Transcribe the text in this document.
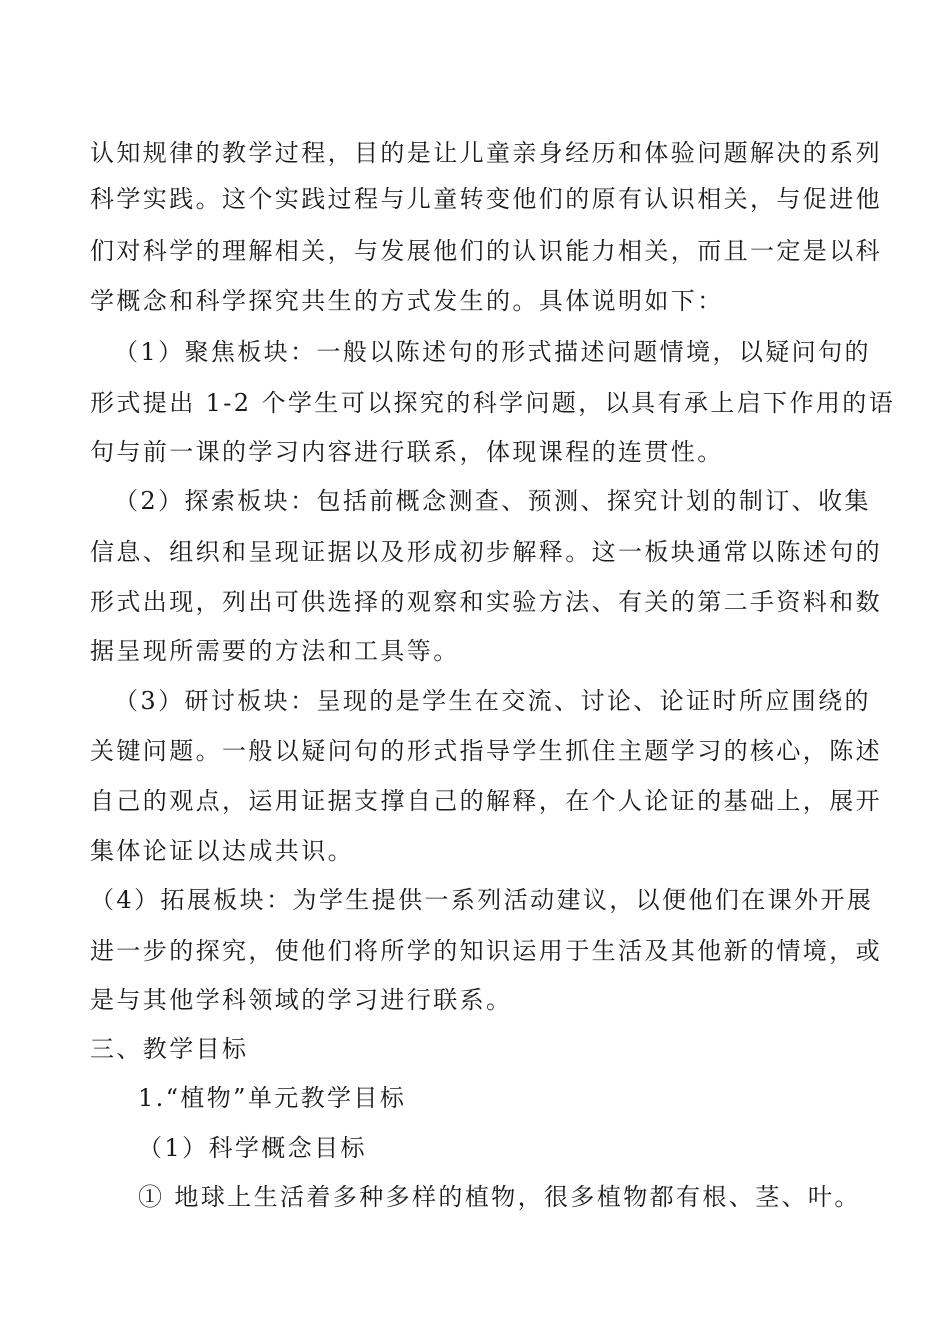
认知规律的教学过程，目的是让儿童亲身经历和体验问题解决的系列
科学实践。这个实践过程与儿童转变他们的原有认识相关，与促进他
们对科学的理解相关，与发展他们的认识能力相关，而且一定是以科
学概念和科学探究共生的方式发生的。具体说明如下：
（1）聚焦板块：一般以陈述句的形式描述问题情境，以疑问句的
形式提出 1-2 个学生可以探究的科学问题，以具有承上启下作用的语
句与前一课的学习内容进行联系，体现课程的连贯性。
（2）探索板块：包括前概念测查、预测、探究计划的制订、收集
信息、组织和呈现证据以及形成初步解释。这一板块通常以陈述句的
形式出现，列出可供选择的观察和实验方法、有关的第二手资料和数
据呈现所需要的方法和工具等。
（3）研讨板块：呈现的是学生在交流、讨论、论证时所应围绕的
关键问题。一般以疑问句的形式指导学生抓住主题学习的核心，陈述
自己的观点，运用证据支撑自己的解释，在个人论证的基础上，展开
集体论证以达成共识。
（4）拓展板块：为学生提供一系列活动建议，以便他们在课外开展
进一步的探究，使他们将所学的知识运用于生活及其他新的情境，或
是与其他学科领域的学习进行联系。
三、教学目标
1.“植物”单元教学目标
（1）科学概念目标
① 地球上生活着多种多样的植物，很多植物都有根、茎、叶。
